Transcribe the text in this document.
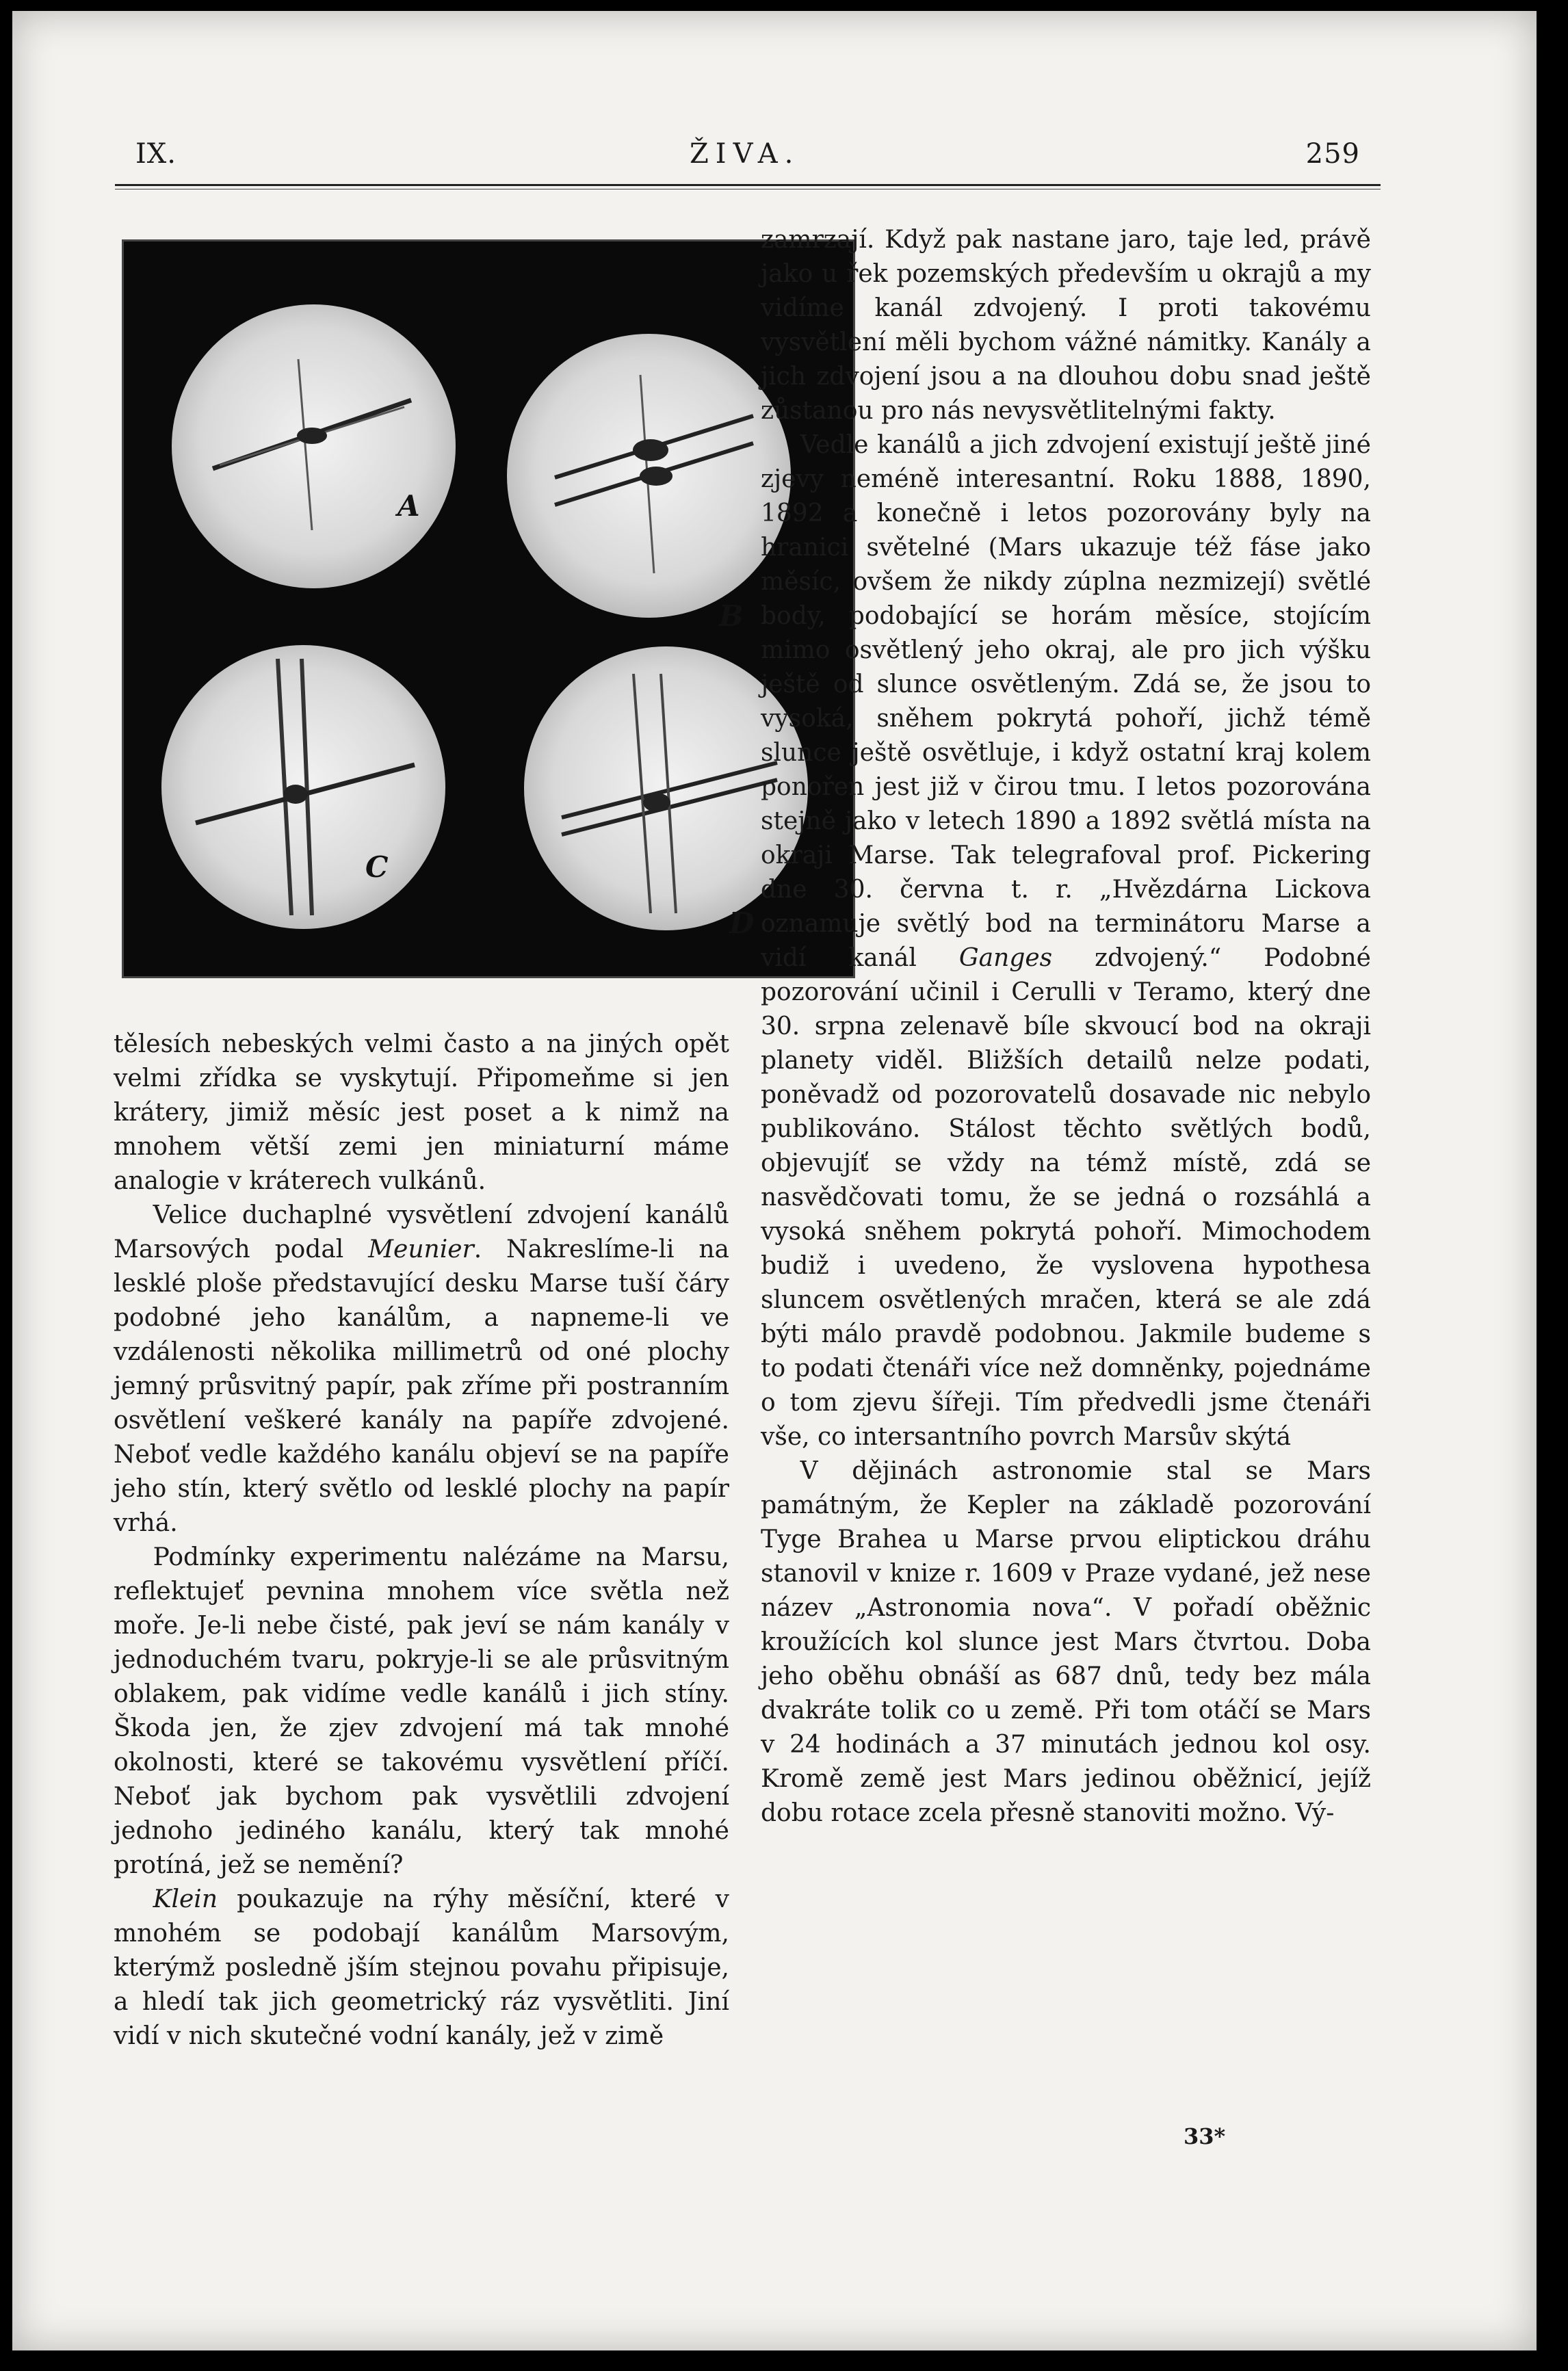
IX.	ŽIVA.	259
A
B
C
D

tělesích nebeských velmi často a na jiných opět velmi zřídka se vyskytují. Připomeňme si jen krátery, jimiž měsíc jest poset a k nimž na mnohem větší zemi jen miniaturní máme analogie v kráterech vulkánů.

Velice duchaplné vysvětlení zdvojení kanálů Marsových podal Meunier. Nakreslíme-li na lesklé ploše představující desku Marse tuší čáry podobné jeho kanálům, a napneme-li ve vzdálenosti několika millimetrů od oné plochy jemný průsvitný papír, pak zříme při postranním osvětlení veškeré kanály na papíře zdvojené. Neboť vedle každého kanálu objeví se na papíře jeho stín, který světlo od lesklé plochy na papír vrhá.

Podmínky experimentu nalézáme na Marsu, reflektujeť pevnina mnohem více světla než moře. Je-li nebe čisté, pak jeví se nám kanály v jednoduchém tvaru, pokryje-li se ale průsvitným oblakem, pak vidíme vedle kanálů i jich stíny. Škoda jen, že zjev zdvojení má tak mnohé okolnosti, které se takovému vysvětlení příčí. Neboť jak bychom pak vysvětlili zdvojení jednoho jediného kanálu, který tak mnohé protíná, jež se nemění?

Klein poukazuje na rýhy měsíční, které v mnohém se podobají kanálům Marsovým, kterýmž posledně jším stejnou povahu připisuje, a hledí tak jich geometrický ráz vysvětliti. Jiní vidí v nich skutečné vodní kanály, jež v zimě

zamrzají. Když pak nastane jaro, taje led, právě jako u řek pozemských především u okrajů a my vidíme kanál zdvojený. I proti takovému vysvětlení měli bychom vážné námitky. Kanály a jich zdvojení jsou a na dlouhou dobu snad ještě zůstanou pro nás nevysvětlitelnými fakty.

Vedle kanálů a jich zdvojení existují ještě jiné zjevy neméně interesantní. Roku 1888, 1890, 1892 a konečně i letos pozorovány byly na hranici světelné (Mars ukazuje též fáse jako měsíc, ovšem že nikdy zúplna nezmizejí) světlé body, podobající se horám měsíce, stojícím mimo osvětlený jeho okraj, ale pro jich výšku ještě od slunce osvětleným. Zdá se, že jsou to vysoká, sněhem pokrytá pohoří, jichž témě slunce ještě osvětluje, i když ostatní kraj kolem ponořen jest již v čirou tmu. I letos pozorována stejně jako v letech 1890 a 1892 světlá místa na okraji Marse. Tak telegrafoval prof. Pickering dne 30. června t. r. „Hvězdárna Lickova oznamuje světlý bod na terminátoru Marse a vidí kanál Ganges zdvojený.“ Podobné pozorování učinil i Cerulli v Teramo, který dne 30. srpna zelenavě bíle skvoucí bod na okraji planety viděl. Bližších detailů nelze podati, poněvadž od pozorovatelů dosavade nic nebylo publikováno. Stálost těchto světlých bodů, objevujíť se vždy na témž místě, zdá se nasvědčovati tomu, že se jedná o rozsáhlá a vysoká sněhem pokrytá pohoří. Mimochodem budiž i uvedeno, že vyslovena hypothesa sluncem osvětlených mračen, která se ale zdá býti málo pravdě podobnou. Jakmile budeme s to podati čtenáři více než domněnky, pojednáme o tom zjevu šířeji. Tím předvedli jsme čtenáři vše, co intersantního povrch Marsův skýtá

V dějinách astronomie stal se Mars památným, že Kepler na základě pozorování Tyge Brahea u Marse prvou eliptickou dráhu stanovil v knize r. 1609 v Praze vydané, jež nese název „Astronomia nova“. V pořadí oběžnic kroužících kol slunce jest Mars čtvrtou. Doba jeho oběhu obnáší as 687 dnů, tedy bez mála dvakráte tolik co u země. Při tom otáčí se Mars v 24 hodinách a 37 minutách jednou kol osy. Kromě země jest Mars jedinou oběžnicí, jejíž dobu rotace zcela přesně stanoviti možno. Vý-

33*
